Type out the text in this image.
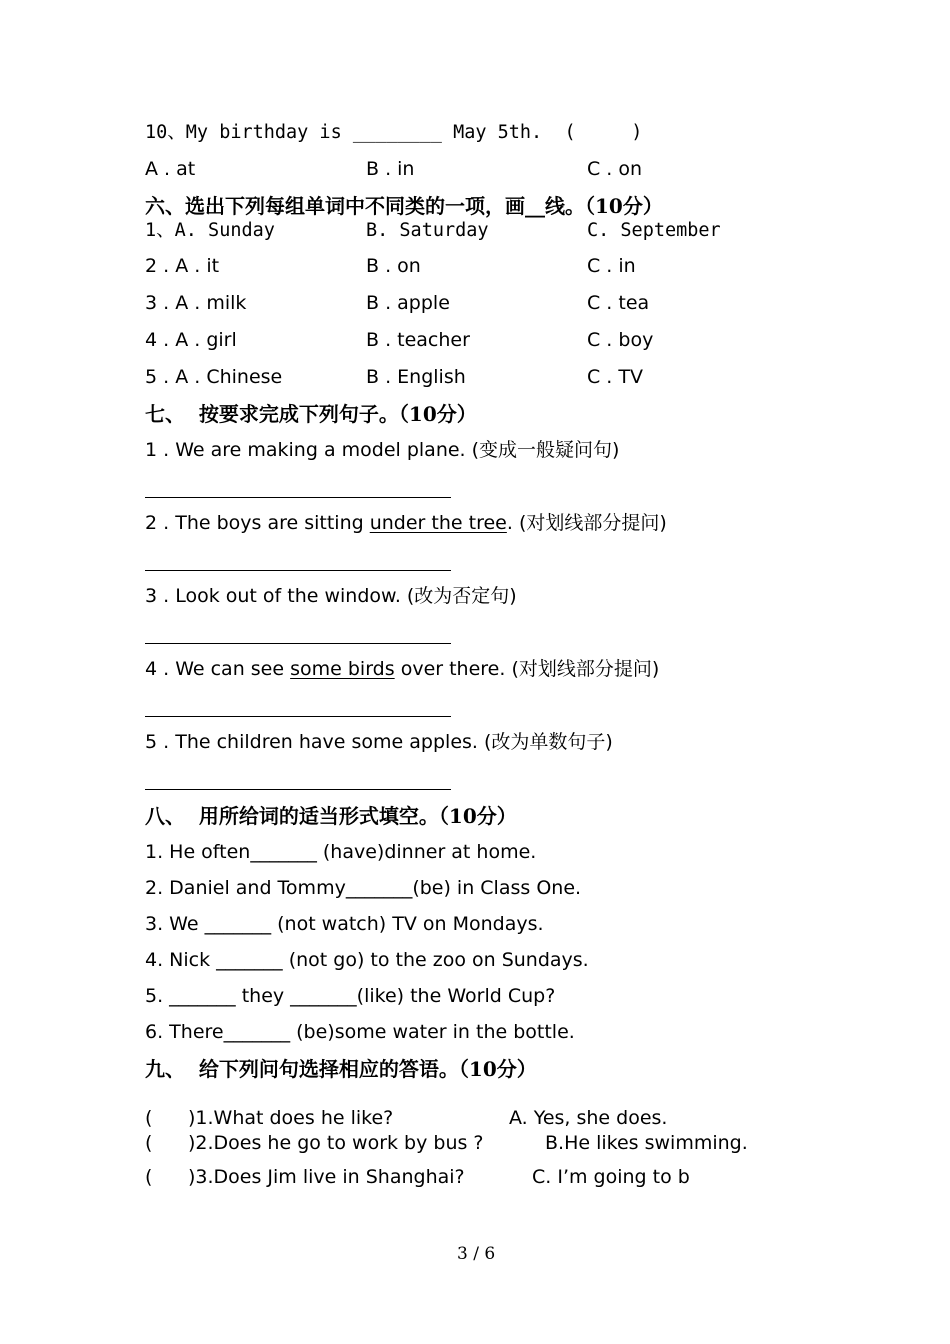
10、My birthday is ________ May 5th.  (     )
A . at	B . in	C . on
六、选出下列每组单词中不同类的一项，画__线。（10分）
1、A. Sunday	B. Saturday	C. September
2 . A . it	B . on	C . in
3 . A . milk	B . apple	C . tea
4 . A . girl	B . teacher	C . boy
5 . A . Chinese	B . English	C . TV
七、  按要求完成下列句子。（10分）
1 . We are making a model plane. (变成一般疑问句)
2 . The boys are sitting under the tree. (对划线部分提问)
3 . Look out of the window. (改为否定句)
4 . We can see some birds over there. (对划线部分提问)
5 . The children have some apples. (改为单数句子)
八、  用所给词的适当形式填空。（10分）
1. He often_______ (have)dinner at home.
2. Daniel and Tommy_______(be) in Class One.
3. We _______ (not watch) TV on Mondays.
4. Nick _______ (not go) to the zoo on Sundays.
5. _______ they _______(like) the World Cup?
6. There_______ (be)some water in the bottle.
九、  给下列问句选择相应的答语。（10分）
( )1.What does he like?	A. Yes, she does.
( )2.Does he go to work by bus ?	B.He likes swimming.
( )3.Does Jim live in Shanghai?	C. I’m going to b
3 / 6
